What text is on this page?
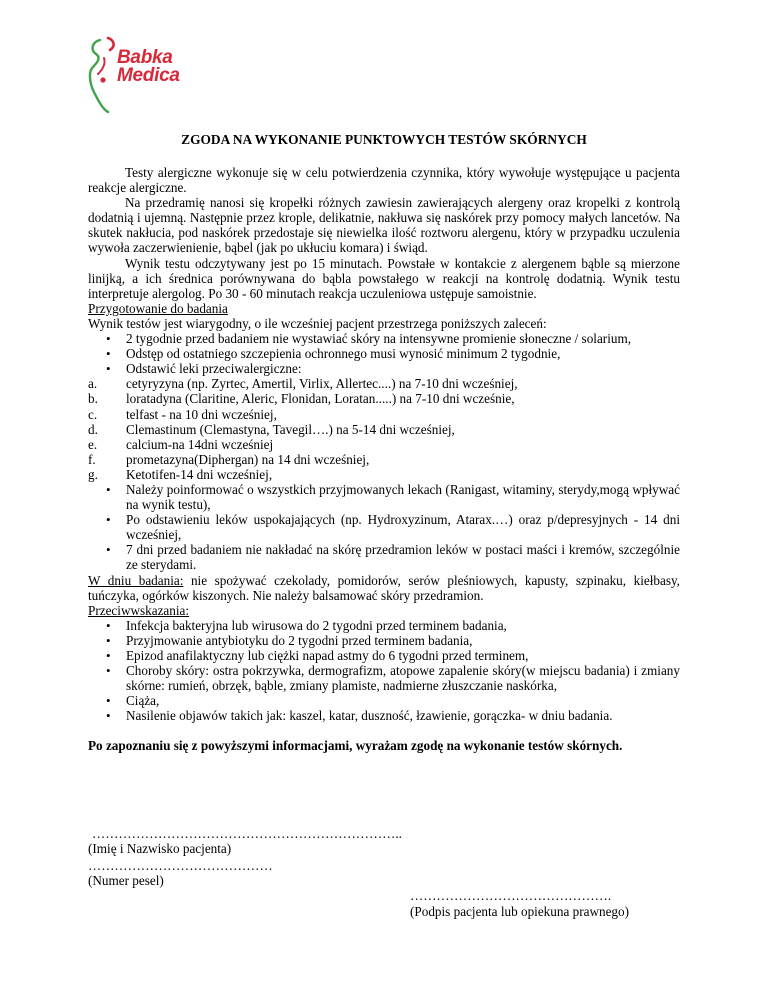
Babka
Medica
ZGODA NA WYKONANIE PUNKTOWYCH TESTÓW SKÓRNYCH

Testy alergiczne wykonuje się w celu potwierdzenia czynnika, który wywołuje występujące u pacjenta reakcje alergiczne.

Na przedramię nanosi się kropełki różnych zawiesin zawierających alergeny oraz kropelki z kontrolą dodatnią i ujemną. Następnie przez krople, delikatnie, nakłuwa się naskórek przy pomocy małych lancetów. Na skutek nakłucia, pod naskórek przedostaje się niewielka ilość roztworu alergenu, który w przypadku uczulenia wywoła zaczerwienienie, bąbel (jak po ukłuciu komara) i świąd.

Wynik testu odczytywany jest po 15 minutach. Powstałe w kontakcie z alergenem bąble są mierzone linijką, a ich średnica porównywana do bąbla powstałego w reakcji na kontrolę dodatnią. Wynik testu interpretuje alergolog. Po 30 - 60 minutach reakcja uczuleniowa ustępuje samoistnie.

Przygotowanie do badania

Wynik testów jest wiarygodny, o ile wcześniej pacjent przestrzega poniższych zaleceń:

• 2 tygodnie przed badaniem nie wystawiać skóry na intensywne promienie słoneczne / solarium,
• Odstęp od ostatniego szczepienia ochronnego musi wynosić minimum 2 tygodnie,
• Odstawić leki przeciwalergiczne:
a.	cetyryzyna (np. Zyrtec, Amertil, Virlix, Allertec....) na 7-10 dni wcześniej,
b.	loratadyna (Claritine, Aleric, Flonidan, Loratan.....) na 7-10 dni wcześnie,
c.	telfast - na 10 dni wcześniej,
d.	Clemastinum (Clemastyna, Tavegil….) na 5-14 dni wcześniej,
e.	calcium-na 14dni wcześniej
f.	prometazyna(Diphergan) na 14 dni wcześniej,
g.	Ketotifen-14 dni wcześniej,
• Należy poinformować o wszystkich przyjmowanych lekach (Ranigast, witaminy, sterydy,mogą wpływać na wynik testu),
• Po odstawieniu leków uspokajających (np. Hydroxyzinum, Atarax.…) oraz p/depresyjnych - 14 dni wcześniej,
• 7 dni przed badaniem nie nakładać na skórę przedramion leków w postaci maści i kremów, szczególnie ze sterydami.

W dniu badania: nie spożywać czekolady, pomidorów, serów pleśniowych, kapusty, szpinaku, kiełbasy, tuńczyka, ogórków kiszonych. Nie należy balsamować skóry przedramion.

Przeciwwskazania:

• Infekcja bakteryjna lub wirusowa do 2 tygodni przed terminem badania,
• Przyjmowanie antybiotyku do 2 tygodni przed terminem badania,
• Epizod anafilaktyczny lub ciężki napad astmy do 6 tygodni przed terminem,
• Choroby skóry: ostra pokrzywka, dermografizm, atopowe zapalenie skóry(w miejscu badania) i zmiany skórne: rumień, obrzęk, bąble, zmiany plamiste, nadmierne złuszczanie naskórka,
• Ciąża,
• Nasilenie objawów takich jak: kaszel, katar, duszność, łzawienie, gorączka- w dniu badania.

Po zapoznaniu się z powyższymi informacjami, wyrażam zgodę na wykonanie testów skórnych.

……………………………………………………………..
(Imię i Nazwisko pacjenta)
……………………………………
(Numer pesel)
……………………………………….
(Podpis pacjenta lub opiekuna prawnego)
